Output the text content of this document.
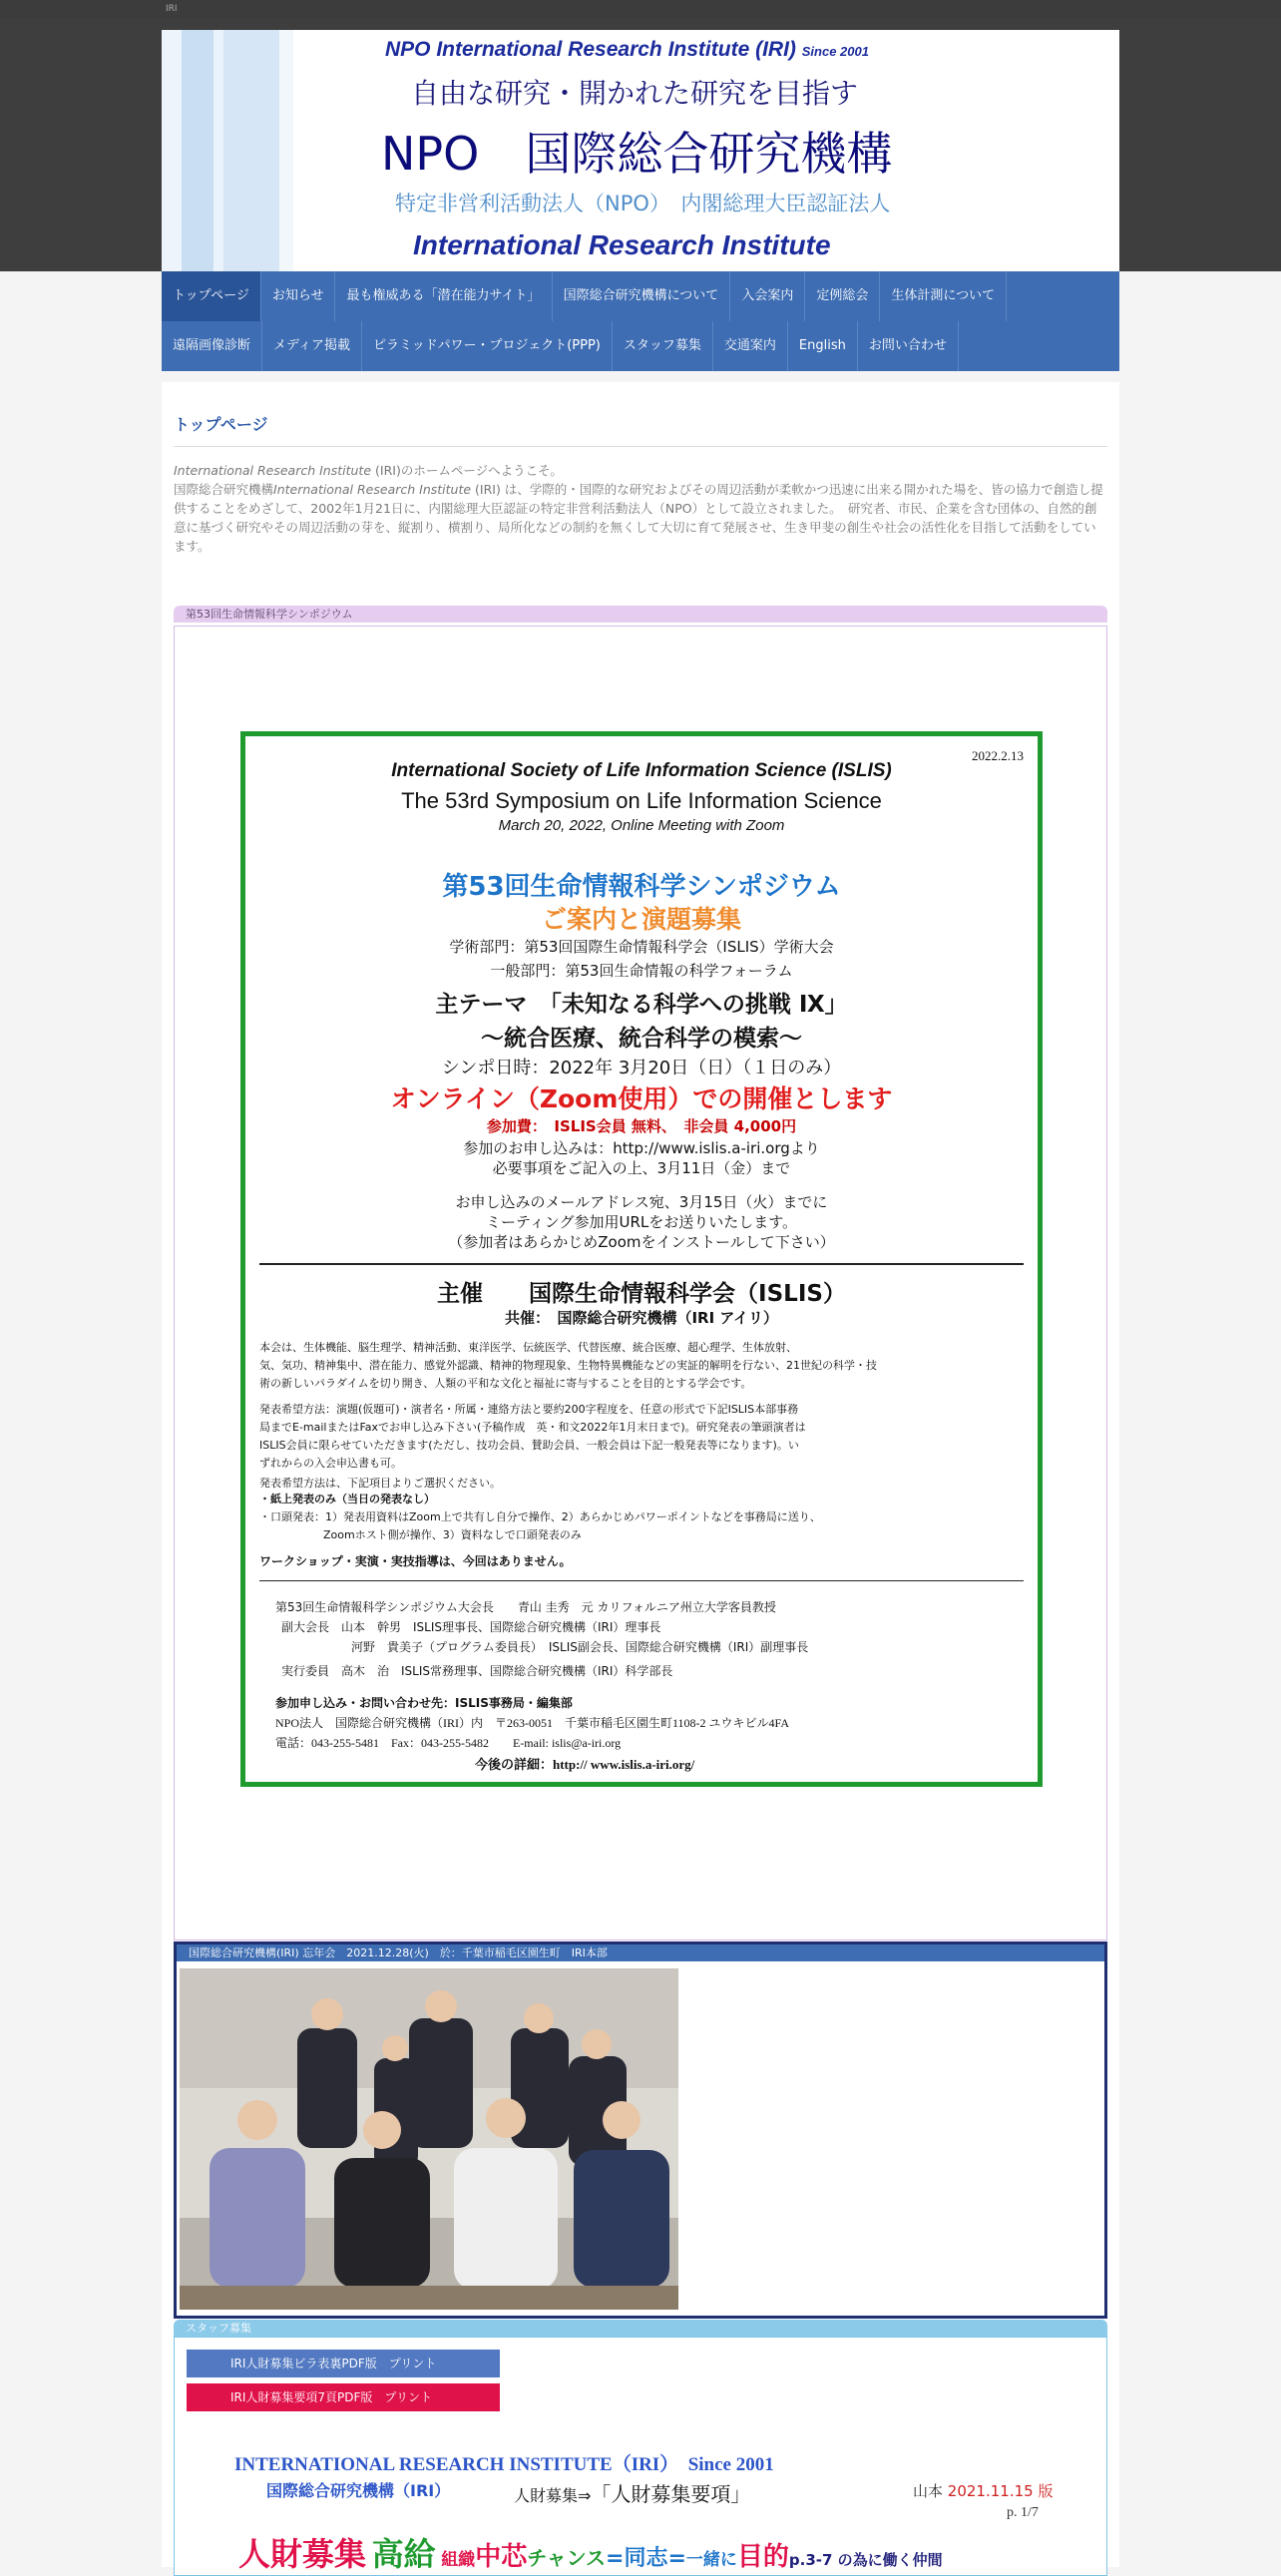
IRI
NPO International Research Institute (IRI) Since 2001
自由な研究・開かれた研究を目指す
NPO　国際総合研究機構
特定非営利活動法人（NPO）　内閣総理大臣認証法人
International Research Institute
トップページ	お知らせ	最も権威ある「潜在能力サイト」	国際総合研究機構について	入会案内	定例総会	生体計測について
遠隔画像診断	メディア掲載	ピラミッドパワー・プロジェクト(PPP)	スタッフ募集	交通案内	English	お問い合わせ
トップページ
International Research Institute (IRI)のホームページへようこそ。
国際総合研究機構International Research Institute (IRI) は、学際的・国際的な研究およびその周辺活動が柔軟かつ迅速に出来る開かれた場を、皆の協力で創造し提供することをめざして、2002年1月21日に、内閣総理大臣認証の特定非営利活動法人（NPO）として設立されました。　研究者、市民、企業を含む団体の、自然的創意に基づく研究やその周辺活動の芽を、縦割り、横割り、局所化などの制約を無くして大切に育て発展させ、生き甲斐の創生や社会の活性化を目指して活動をしています。
第53回生命情報科学シンポジウム
2022.2.13
International Society of Life Information Science (ISLIS)
The 53rd Symposium on Life Information Science
March 20, 2022, Online Meeting with Zoom
第53回生命情報科学シンポジウム
ご案内と演題募集
学術部門：第53回国際生命情報科学会（ISLIS）学術大会
一般部門：第53回生命情報の科学フォーラム
主テーマ　「未知なる科学への挑戦 Ⅸ」
～統合医療、統合科学の模索～
シンポ日時：2022年 3月20日（日）（１日のみ）
オンライン（Zoom使用）での開催とします
参加費：　ISLIS会員 無料、　非会員 4,000円
参加のお申し込みは：http://www.islis.a-iri.orgより
必要事項をご記入の上、3月11日（金）まで
お申し込みのメールアドレス宛、3月15日（火）までに
ミーティング参加用URLをお送りいたします。
（参加者はあらかじめZoomをインストールして下さい）
主催　　国際生命情報科学会（ISLIS）
共催：　国際総合研究機構（IRI アイリ）
本会は、生体機能、脳生理学、精神活動、東洋医学、伝統医学、代替医療、統合医療、超心理学、生体放射、
気、気功、精神集中、潜在能力、感覚外認識、精神的物理現象、生物特異機能などの実証的解明を行ない、21世紀の科学・技
術の新しいパラダイムを切り開き、人類の平和な文化と福祉に寄与することを目的とする学会です。
発表希望方法：演題(仮題可)・演者名・所属・連絡方法と要約200字程度を、任意の形式で下記ISLIS本部事務
局までE-mailまたはFaxでお申し込み下さい(予稿作成　英・和文2022年1月末日まで)。研究発表の筆頭演者は
ISLIS会員に限らせていただきます(ただし、技功会員、賛助会員、一般会員は下記一般発表等になります)。い
ずれからの入会申込書も可。
発表希望方法は、下記項目よりご選択ください。
・紙上発表のみ（当日の発表なし）
・口頭発表：1）発表用資料はZoom上で共有し自分で操作、2）あらかじめパワーポイントなどを事務局に送り、
Zoomホスト側が操作、3）資料なしで口頭発表のみ
ワークショップ・実演・実技指導は、今回はありません。
第53回生命情報科学シンポジウム大会長　　青山 圭秀　元 カリフォルニア州立大学客員教授
副大会長　山本　幹男　ISLIS理事長、国際総合研究機構（IRI）理事長
河野　貴美子（プログラム委員長）　ISLIS副会長、国際総合研究機構（IRI）副理事長
実行委員　高木　治　ISLIS常務理事、国際総合研究機構（IRI）科学部長
参加申し込み・お問い合わせ先：ISLIS事務局・編集部
NPO法人　国際総合研究機構（IRI）内　〒263-0051　千葉市稲毛区園生町1108-2 ユウキビル4FA
電話：043-255-5481　Fax：043-255-5482　　E-mail: islis@a-iri.org
今後の詳細：http:// www.islis.a-iri.org/
国際総合研究機構(IRI) 忘年会　2021.12.28(火)　於：千葉市稲毛区園生町　IRI本部
スタッフ募集
IRI人財募集ビラ表裏PDF版　プリント
IRI人財募集要項7頁PDF版　プリント
INTERNATIONAL RESEARCH INSTITUTE（IRI）　Since 2001
国際総合研究機構（IRI）	人財募集⇒「人財募集要項」	山本 2021.11.15 版
p. 1/7
人財募集 高給 組織中芯チャンス=同志=一緒に目的p.3-7 の為に働く仲間
